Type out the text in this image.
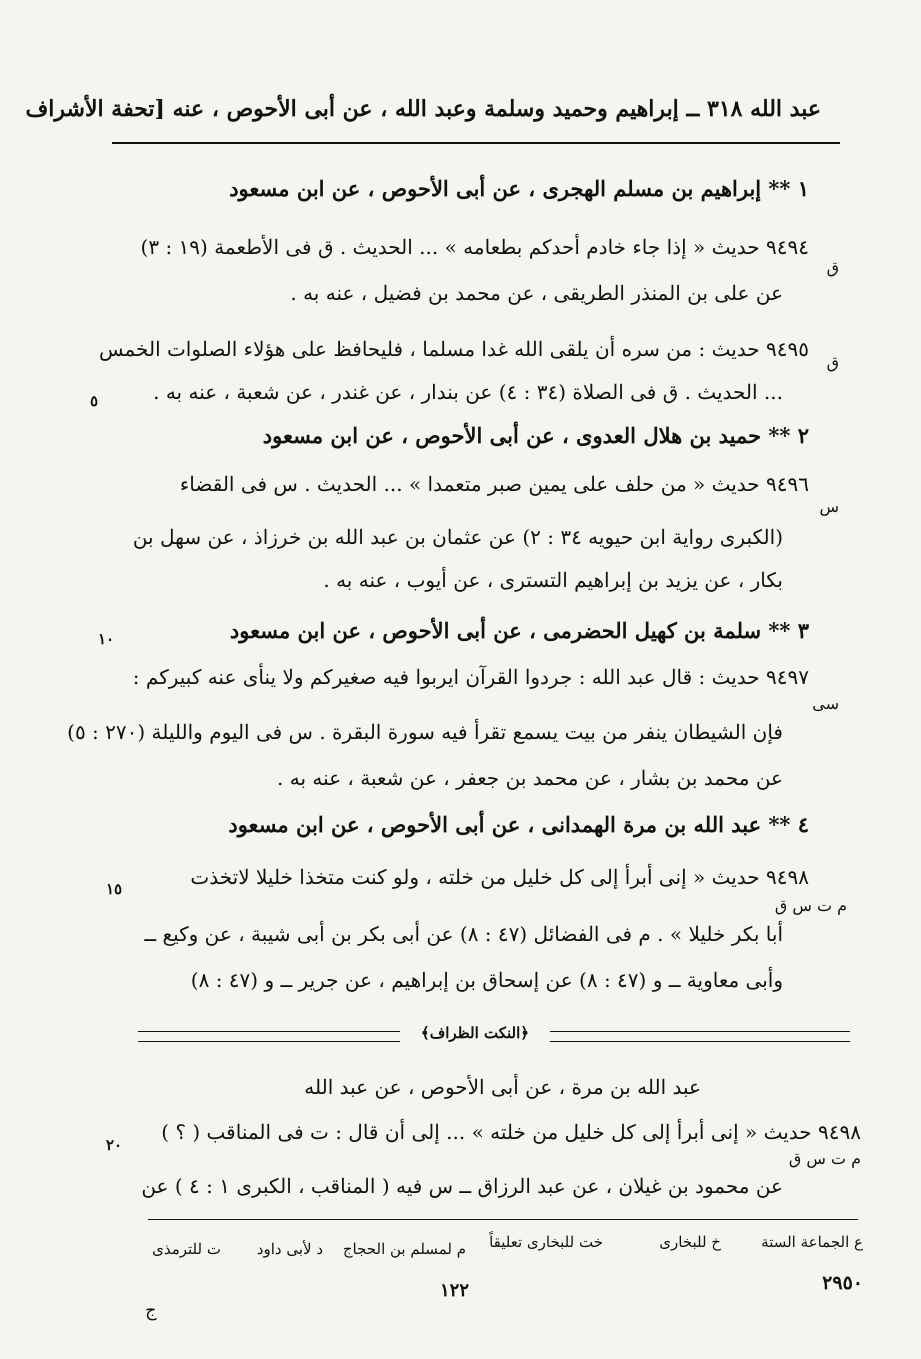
عبد الله ٣١٨ ــ إبراهيم وحميد وسلمة وعبد الله ، عن أبى الأحوص ، عنه [تحفة الأشراف
١ ** إبراهيم بن مسلم الهجرى ، عن أبى الأحوص ، عن ابن مسعود
٩٤٩٤ حديث « إذا جاء خادم أحدكم بطعامه » ... الحديث . ق فى الأطعمة (١٩ : ٣)
ق
عن على بن المنذر الطريقى ، عن محمد بن فضيل ، عنه به .
٩٤٩٥ حديث : من سره أن يلقى الله غدا مسلما ، فليحافظ على هؤلاء الصلوات الخمس
ق
... الحديث . ق فى الصلاة (٣٤ : ٤) عن بندار ، عن غندر ، عن شعبة ، عنه به .
٥
٢ ** حميد بن هلال العدوى ، عن أبى الأحوص ، عن ابن مسعود
٩٤٩٦ حديث « من حلف على يمين صبر متعمدا » ... الحديث . س فى القضاء
س
(الكبرى رواية ابن حيويه ٣٤ : ٢) عن عثمان بن عبد الله بن خرزاذ ، عن سهل بن
بكار ، عن يزيد بن إبراهيم التسترى ، عن أيوب ، عنه به .
٣ ** سلمة بن كهيل الحضرمى ، عن أبى الأحوص ، عن ابن مسعود
١٠
٩٤٩٧ حديث : قال عبد الله : جردوا القرآن ايربوا فيه صغيركم ولا ينأى عنه كبيركم :
سى
فإن الشيطان ينفر من بيت يسمع تقرأ فيه سورة البقرة . س فى اليوم والليلة (٢٧٠ : ٥)
عن محمد بن بشار ، عن محمد بن جعفر ، عن شعبة ، عنه به .
٤ ** عبد الله بن مرة الهمدانى ، عن أبى الأحوص ، عن ابن مسعود
٩٤٩٨ حديث « إنى أبرأ إلى كل خليل من خلته ، ولو كنت متخذا خليلا لاتخذت
١٥
م ت س ق
أبا بكر خليلا » . م فى الفضائل (٤٧ : ٨) عن أبى بكر بن أبى شيبة ، عن وكيع ــ
وأبى معاوية ــ و (٤٧ : ٨) عن إسحاق بن إبراهيم ، عن جرير ــ و (٤٧ : ٨)
﴿النكت الظراف﴾
عبد الله بن مرة ، عن أبى الأحوص ، عن عبد الله
٩٤٩٨ حديث « إنى أبرأ إلى كل خليل من خلته » ... إلى أن قال : ت فى المناقب ( ؟ )
٢٠
م ت س ق
عن محمود بن غيلان ، عن عبد الرزاق ــ س فيه ( المناقب ، الكبرى ١ : ٤ ) عن
ع الجماعة الستة
خ للبخارى
خت للبخارى تعليقاً
م لمسلم بن الحجاج
د لأبى داود
ت للترمذى
١٢٢	٢٩٥٠
ج
